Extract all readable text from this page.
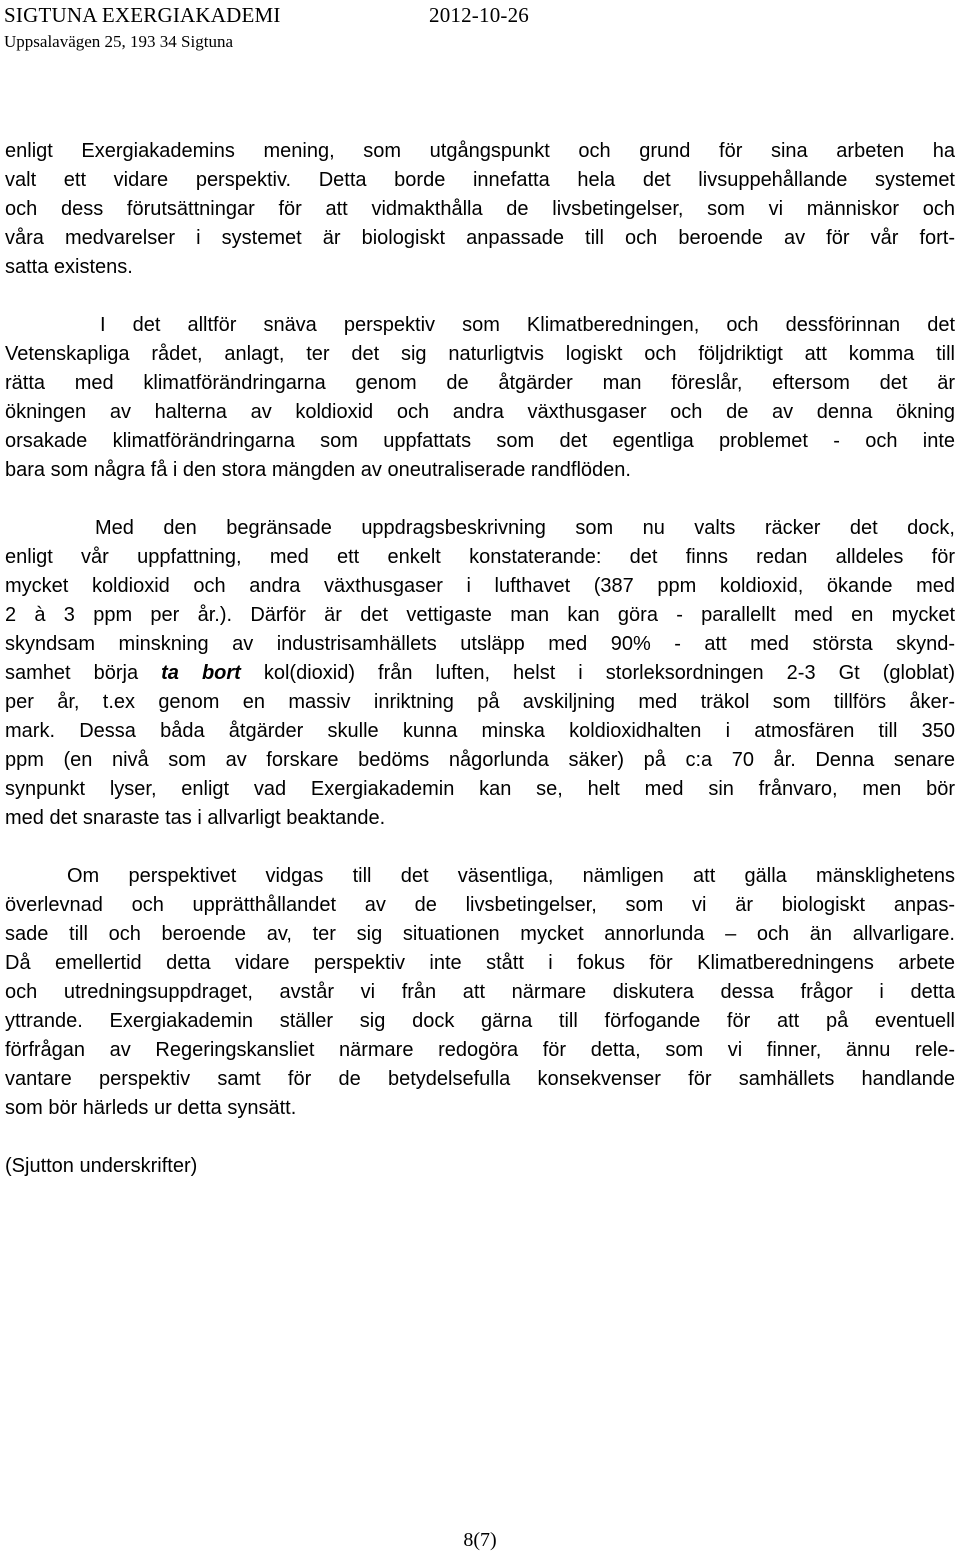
SIGTUNA EXERGIAKADEMI	2012-10-26
Uppsalavägen 25, 193 34 Sigtuna

enligt Exergiakademins mening, som utgångspunkt och grund för sina arbeten ha
valt ett vidare perspektiv. Detta borde innefatta hela det livsuppehållande systemet
och dess förutsättningar för att vidmakthålla de livsbetingelser, som vi människor och
våra medvarelser i systemet är biologiskt anpassade till och beroende av för vår fort-
satta existens.

I det alltför snäva perspektiv som Klimatberedningen, och dessförinnan det
Vetenskapliga rådet, anlagt, ter det sig naturligtvis logiskt och följdriktigt att komma till
rätta med klimatförändringarna genom de åtgärder man föreslår, eftersom det är
ökningen av halterna av koldioxid och andra växthusgaser och de av denna ökning
orsakade klimatförändringarna som uppfattats som det egentliga problemet - och inte
bara som några få i den stora mängden av oneutraliserade randflöden.

Med den begränsade uppdragsbeskrivning som nu valts räcker det dock,
enligt vår uppfattning, med ett enkelt konstaterande: det finns redan alldeles för
mycket koldioxid och andra växthusgaser i lufthavet (387 ppm koldioxid, ökande med
2 à 3 ppm per år.). Därför är det vettigaste man kan göra - parallellt med en mycket
skyndsam minskning av industrisamhällets utsläpp med 90% - att med största skynd-
samhet börja ta bort kol(dioxid) från luften, helst i storleksordningen 2-3 Gt (globlat)
per år, t.ex genom en massiv inriktning på avskiljning med träkol som tillförs åker-
mark. Dessa båda åtgärder skulle kunna minska koldioxidhalten i atmosfären till 350
ppm (en nivå som av forskare bedöms någorlunda säker) på c:a 70 år. Denna senare
synpunkt lyser, enligt vad Exergiakademin kan se, helt med sin frånvaro, men bör
med det snaraste tas i allvarligt beaktande.

Om perspektivet vidgas till det väsentliga, nämligen att gälla mänsklighetens
överlevnad och upprätthållandet av de livsbetingelser, som vi är biologiskt anpas-
sade till och beroende av, ter sig situationen mycket annorlunda – och än allvarligare.
Då emellertid detta vidare perspektiv inte stått i fokus för Klimatberedningens arbete
och utredningsuppdraget, avstår vi från att närmare diskutera dessa frågor i detta
yttrande. Exergiakademin ställer sig dock gärna till förfogande för att på eventuell
förfrågan av Regeringskansliet närmare redogöra för detta, som vi finner, ännu rele-
vantare perspektiv samt för de betydelsefulla konsekvenser för samhällets handlande
som bör härleds ur detta synsätt.

(Sjutton underskrifter)

8(7)
